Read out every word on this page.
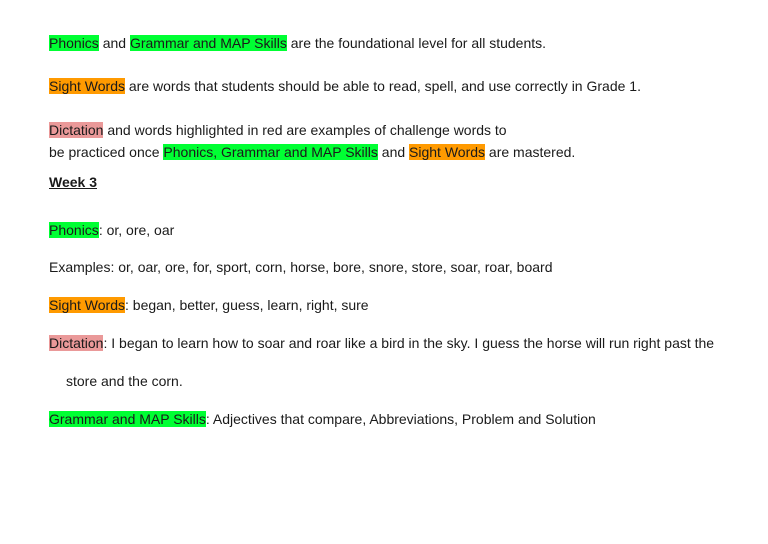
Phonics and Grammar and MAP Skills are the foundational level for all students.
Sight Words are words that students should be able to read, spell, and use correctly in Grade 1.
Dictation and words highlighted in red are examples of challenge words to
be practiced once Phonics, Grammar and MAP Skills and Sight Words are mastered.
Week 3
Phonics: or, ore, oar
Examples: or, oar, ore, for, sport, corn, horse, bore, snore, store, soar, roar, board
Sight Words: began, better, guess, learn, right, sure
Dictation: I began to learn how to soar and roar like a bird in the sky. I guess the horse will run right past the
store and the corn.
Grammar and MAP Skills: Adjectives that compare, Abbreviations, Problem and Solution
